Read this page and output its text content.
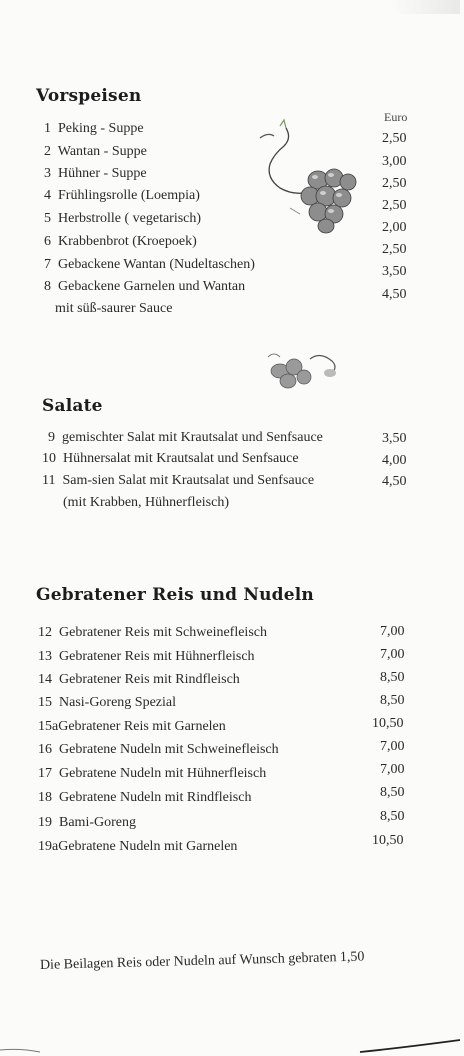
Vorspeisen
Euro
1 Peking - Suppe
2 Wantan - Suppe
3 Hühner - Suppe
4 Frühlingsrolle (Loempia)
5 Herbstrolle ( vegetarisch)
6 Krabbenbrot (Kroepoek)
7 Gebackene Wantan (Nudeltaschen)
8 Gebackene Garnelen und Wantan
mit süß-saurer Sauce
2,50
3,00
2,50
2,50
2,00
2,50
3,50
4,50
Salate
9 gemischter Salat mit Krautsalat und Senfsauce
10 Hühnersalat mit Krautsalat und Senfsauce
11 Sam-sien Salat mit Krautsalat und Senfsauce
(mit Krabben, Hühnerfleisch)
3,50
4,00
4,50
Gebratener Reis und Nudeln
12 Gebratener Reis mit Schweinefleisch
13 Gebratener Reis mit Hühnerfleisch
14 Gebratener Reis mit Rindfleisch
15 Nasi-Goreng Spezial
15aGebratener Reis mit Garnelen
16 Gebratene Nudeln mit Schweinefleisch
17 Gebratene Nudeln mit Hühnerfleisch
18 Gebratene Nudeln mit Rindfleisch
19 Bami-Goreng
19aGebratene Nudeln mit Garnelen
7,00
7,00
8,50
8,50
10,50
7,00
7,00
8,50
8,50
10,50
Die Beilagen Reis oder Nudeln auf Wunsch gebraten 1,50
